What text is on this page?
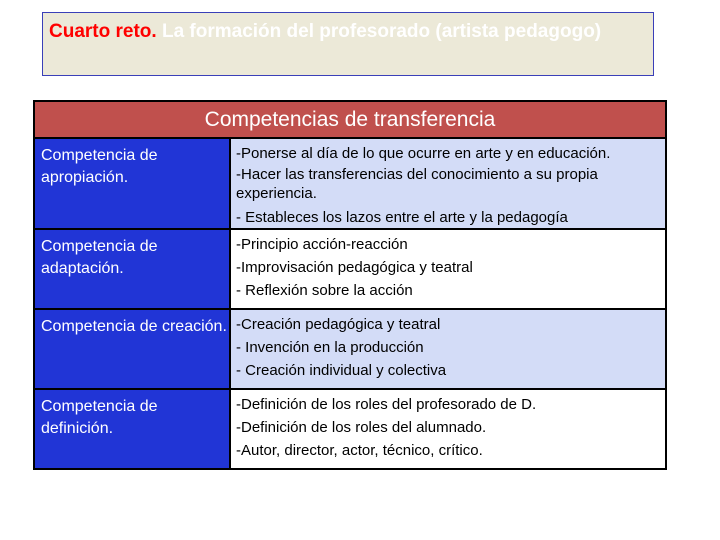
Cuarto reto. La formación del profesorado (artista pedagogo)
Competencias de transferencia
Competencia de apropiación.
-Ponerse al día de lo que ocurre en arte y en educación.
-Hacer las transferencias del conocimiento a su propia experiencia.
- Estableces los lazos entre el arte y la pedagogía
Competencia de adaptación.
-Principio acción-reacción
-Improvisación pedagógica y teatral
- Reflexión sobre la acción
Competencia de creación. -Creación pedagógica y teatral
- Invención en la producción
- Creación individual y colectiva
Competencia de definición.
-Definición de los roles del profesorado de D.
-Definición de los roles del alumnado.
-Autor, director, actor, técnico, crítico.
